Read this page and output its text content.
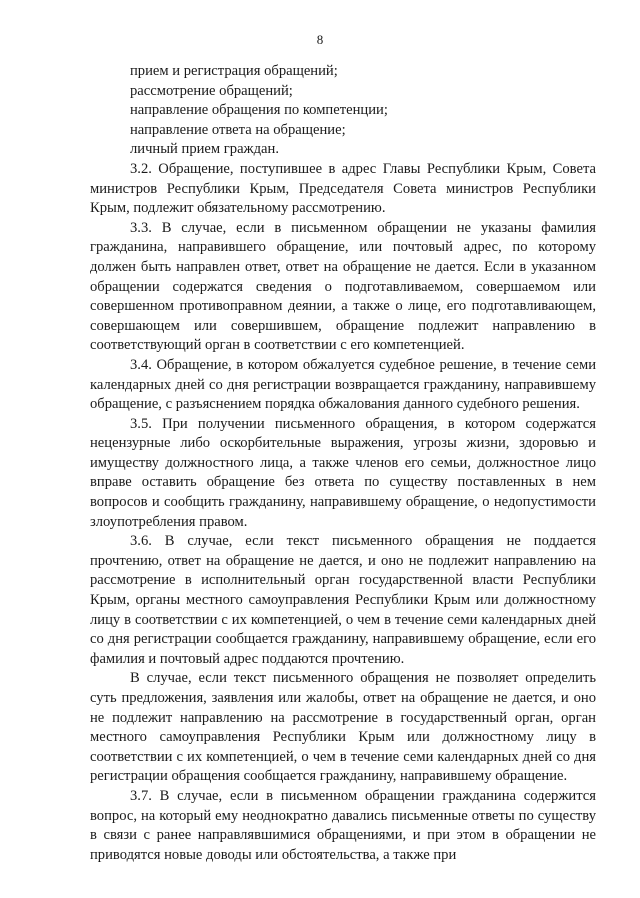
8

прием и регистрация обращений;

рассмотрение обращений;

направление обращения по компетенции;

направление ответа на обращение;

личный прием граждан.

3.2. Обращение, поступившее в адрес Главы Республики Крым, Совета министров Республики Крым, Председателя Совета министров Республики Крым, подлежит обязательному рассмотрению.

3.3. В случае, если в письменном обращении не указаны фамилия гражданина, направившего обращение, или почтовый адрес, по которому должен быть направлен ответ, ответ на обращение не дается. Если в указанном обращении содержатся сведения о подготавливаемом, совершаемом или совершенном противоправном деянии, а также о лице, его подготавливающем, совершающем или совершившем, обращение подлежит направлению в соответствующий орган в соответствии с его компетенцией.

3.4. Обращение, в котором обжалуется судебное решение, в течение семи календарных дней со дня регистрации возвращается гражданину, направившему обращение, с разъяснением порядка обжалования данного судебного решения.

3.5. При получении письменного обращения, в котором содержатся нецензурные либо оскорбительные выражения, угрозы жизни, здоровью и имуществу должностного лица, а также членов его семьи, должностное лицо вправе оставить обращение без ответа по существу поставленных в нем вопросов и сообщить гражданину, направившему обращение, о недопустимости злоупотребления правом.

3.6. В случае, если текст письменного обращения не поддается прочтению, ответ на обращение не дается, и оно не подлежит направлению на рассмотрение в исполнительный орган государственной власти Республики Крым, органы местного самоуправления Республики Крым или должностному лицу в соответствии с их компетенцией, о чем в течение семи календарных дней со дня регистрации сообщается гражданину, направившему обращение, если его фамилия и почтовый адрес поддаются прочтению.

В случае, если текст письменного обращения не позволяет определить суть предложения, заявления или жалобы, ответ на обращение не дается, и оно не подлежит направлению на рассмотрение в государственный орган, орган местного самоуправления Республики Крым или должностному лицу в соответствии с их компетенцией, о чем в течение семи календарных дней со дня регистрации обращения сообщается гражданину, направившему обращение.

3.7. В случае, если в письменном обращении гражданина содержится вопрос, на который ему неоднократно давались письменные ответы по существу в связи с ранее направлявшимися обращениями, и при этом в обращении не приводятся новые доводы или обстоятельства, а также при
